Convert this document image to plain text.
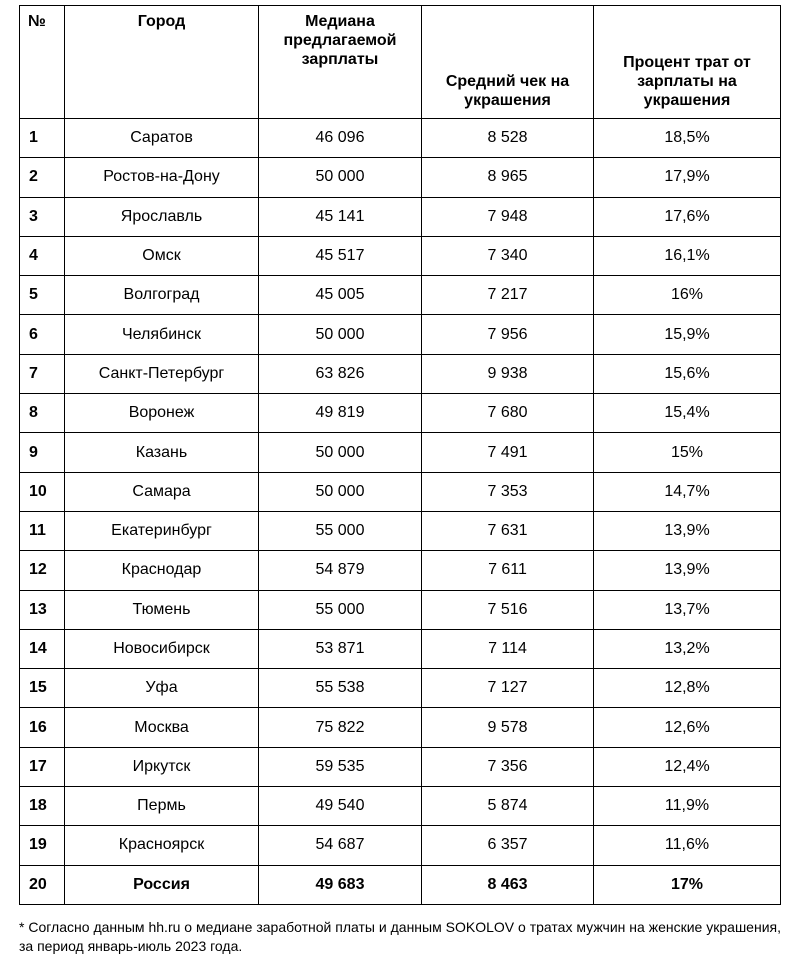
№	Город	Медиана предлагаемой зарплаты	Средний чек на украшения	Процент трат от зарплаты на украшения
1	Саратов	46 096	8 528	18,5%
2	Ростов-на-Дону	50 000	8 965	17,9%
3	Ярославль	45 141	7 948	17,6%
4	Омск	45 517	7 340	16,1%
5	Волгоград	45 005	7 217	16%
6	Челябинск	50 000	7 956	15,9%
7	Санкт-Петербург	63 826	9 938	15,6%
8	Воронеж	49 819	7 680	15,4%
9	Казань	50 000	7 491	15%
10	Самара	50 000	7 353	14,7%
11	Екатеринбург	55 000	7 631	13,9%
12	Краснодар	54 879	7 611	13,9%
13	Тюмень	55 000	7 516	13,7%
14	Новосибирск	53 871	7 114	13,2%
15	Уфа	55 538	7 127	12,8%
16	Москва	75 822	9 578	12,6%
17	Иркутск	59 535	7 356	12,4%
18	Пермь	49 540	5 874	11,9%
19	Красноярск	54 687	6 357	11,6%
20	Россия	49 683	8 463	17%

* Согласно данным hh.ru о медиане заработной платы и данным SOKOLOV о тратах мужчин на женские украшения, за период январь-июль 2023 года.
